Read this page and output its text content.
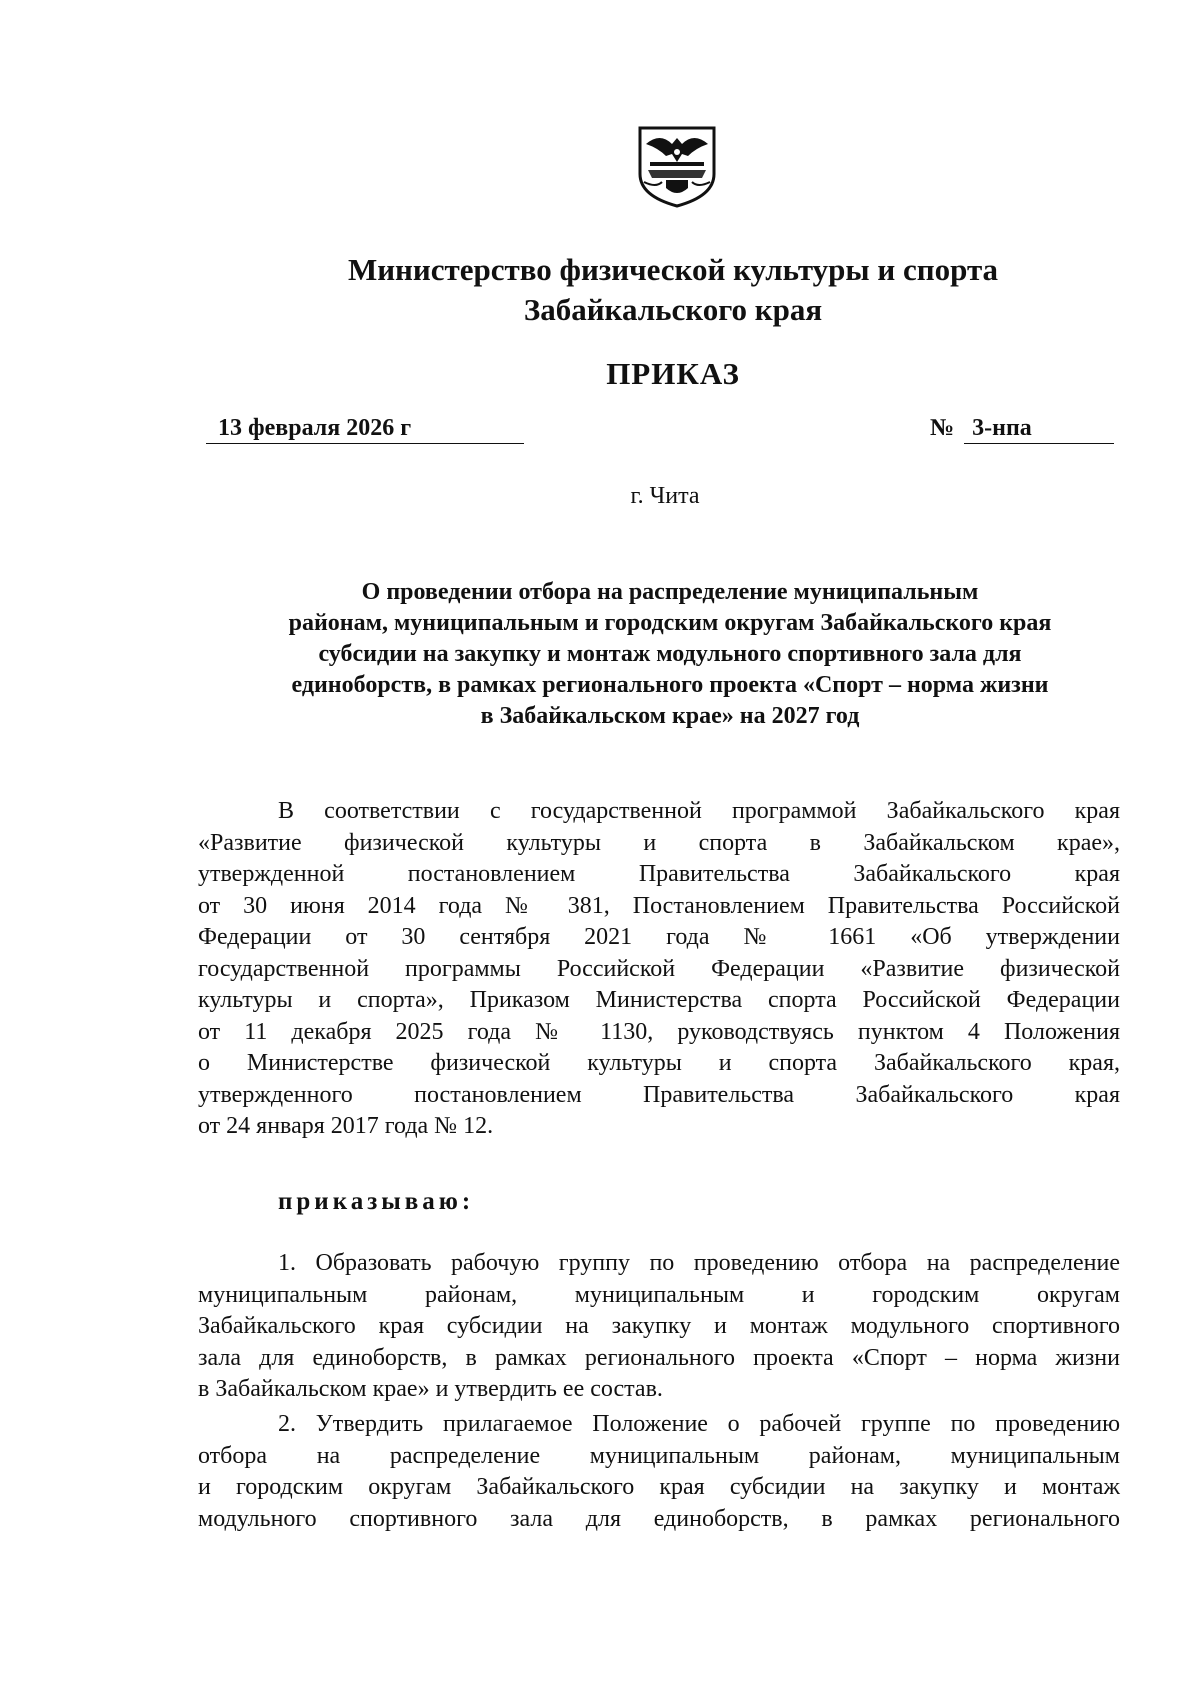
Министерство физической культуры и спорта
Забайкальского края
ПРИКАЗ
13 февраля 2026 г	№ 3-нпа
г. Чита
О проведении отбора на распределение муниципальным
районам, муниципальным и городским округам Забайкальского края
субсидии на закупку и монтаж модульного спортивного зала для
единоборств, в рамках регионального проекта «Спорт – норма жизни
в Забайкальском крае» на 2027 год
В соответствии с государственной программой Забайкальского края
«Развитие физической культуры и спорта в Забайкальском крае»,
утвержденной постановлением Правительства Забайкальского края
от 30 июня 2014 года № 381, Постановлением Правительства Российской
Федерации от 30 сентября 2021 года № 1661 «Об утверждении
государственной программы Российской Федерации «Развитие физической
культуры и спорта», Приказом Министерства спорта Российской Федерации
от 11 декабря 2025 года № 1130, руководствуясь пунктом 4 Положения
о Министерстве физической культуры и спорта Забайкальского края,
утвержденного постановлением Правительства Забайкальского края
от 24 января 2017 года № 12.
приказываю:
1. Образовать рабочую группу по проведению отбора на распределение
муниципальным районам, муниципальным и городским округам
Забайкальского края субсидии на закупку и монтаж модульного спортивного
зала для единоборств, в рамках регионального проекта «Спорт – норма жизни
в Забайкальском крае» и утвердить ее состав.
2. Утвердить прилагаемое Положение о рабочей группе по проведению
отбора на распределение муниципальным районам, муниципальным
и городским округам Забайкальского края субсидии на закупку и монтаж
модульного спортивного зала для единоборств, в рамках регионального
